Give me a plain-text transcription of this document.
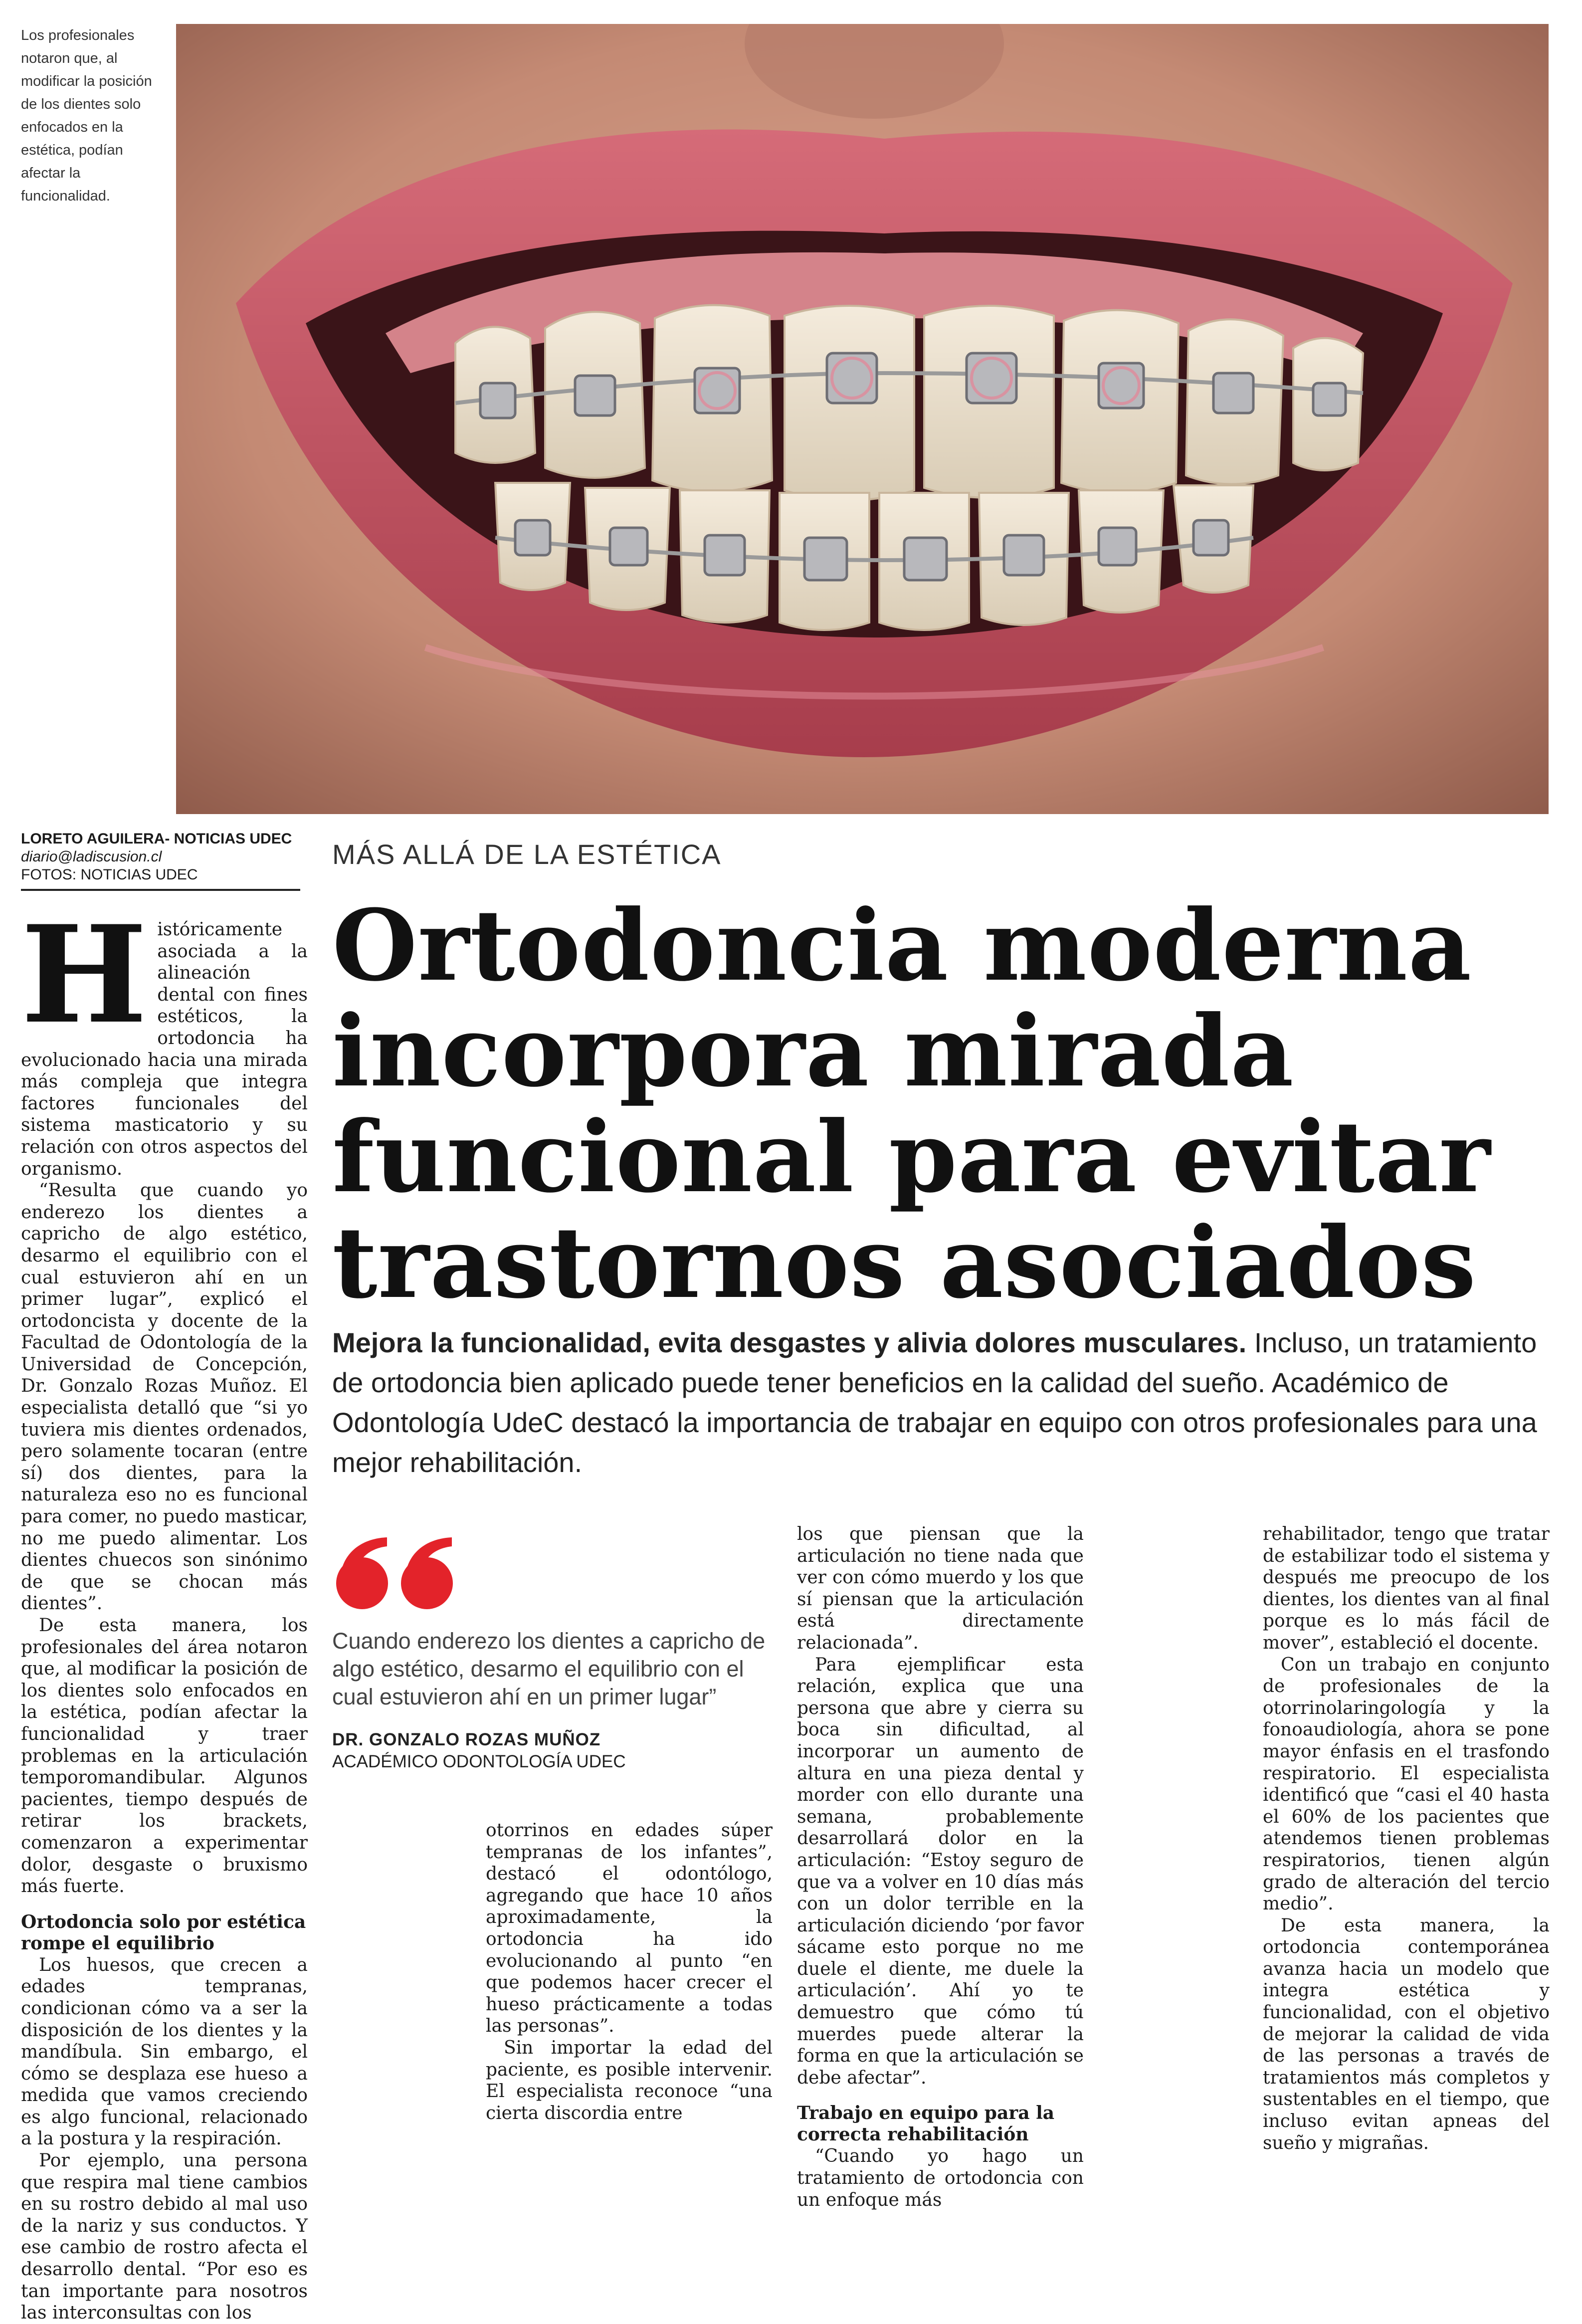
Los profesionales notaron que, al modificar la posición de los dientes solo enfocados en la estética, podían afectar la funcionalidad.
LORETO AGUILERA- NOTICIAS UDEC
diario@ladiscusion.cl
FOTOS: NOTICIAS UDEC
MÁS ALLÁ DE LA ESTÉTICA
Ortodoncia moderna incorpora mirada funcional para evitar trastornos asociados

Mejora la funcionalidad, evita desgastes y alivia dolores musculares. Incluso, un tratamiento de ortodoncia bien aplicado puede tener beneficios en la calidad del sueño. Académico de Odontología UdeC destacó la importancia de trabajar en equipo con otros profesionales para una mejor rehabilitación.

Históricamente asociada a la alineación dental con fines estéticos, la ortodoncia ha evolucionado hacia una mirada más compleja que integra factores funcionales del sistema masticatorio y su relación con otros aspectos del organismo.

“Resulta que cuando yo enderezo los dientes a capricho de algo estético, desarmo el equilibrio con el cual estuvieron ahí en un primer lugar”, explicó el ortodoncista y docente de la Facultad de Odontología de la Universidad de Concepción, Dr. Gonzalo Rozas Muñoz. El especialista detalló que “si yo tuviera mis dientes ordenados, pero solamente tocaran (entre sí) dos dientes, para la naturaleza eso no es funcional para comer, no puedo masticar, no me puedo alimentar. Los dientes chuecos son sinónimo de que se chocan más dientes”.

De esta manera, los profesionales del área notaron que, al modificar la posición de los dientes solo enfocados en la estética, podían afectar la funcionalidad y traer problemas en la articulación temporomandibular. Algunos pacientes, tiempo después de retirar los brackets, comenzaron a experimentar dolor, desgaste o bruxismo más fuerte.

Ortodoncia solo por estética rompe el equilibrio

Los huesos, que crecen a edades tempranas, condicionan cómo va a ser la disposición de los dientes y la mandíbula. Sin embargo, el cómo se desplaza ese hueso a medida que vamos creciendo es algo funcional, relacionado a la postura y la respiración.

Por ejemplo, una persona que respira mal tiene cambios en su rostro debido al mal uso de la nariz y sus conductos. Y ese cambio de rostro afecta el desarrollo dental. “Por eso es tan importante para nosotros las interconsultas con los

Cuando enderezo los dientes a capricho de algo estético, desarmo el equilibrio con el cual estuvieron ahí en un primer lugar”
DR. GONZALO ROZAS MUÑOZ
ACADÉMICO ODONTOLOGÍA UDEC

otorrinos en edades súper tempranas de los infantes”, destacó el odontólogo, agregando que hace 10 años aproximadamente, la ortodoncia ha ido evolucionando al punto “en que podemos hacer crecer el hueso prácticamente a todas las personas”.

Sin importar la edad del paciente, es posible intervenir. El especialista reconoce “una cierta discordia entre

los que piensan que la articulación no tiene nada que ver con cómo muerdo y los que sí piensan que la articulación está directamente relacionada”.

Para ejemplificar esta relación, explica que una persona que abre y cierra su boca sin dificultad, al incorporar un aumento de altura en una pieza dental y morder con ello durante una semana, probablemente desarrollará dolor en la articulación: “Estoy seguro de que va a volver en 10 días más con un dolor terrible en la articulación diciendo ‘por favor sácame esto porque no me duele el diente, me duele la articulación’. Ahí yo te demuestro que cómo tú muerdes puede alterar la forma en que la articulación se debe afectar”.

Trabajo en equipo para la correcta rehabilitación

“Cuando yo hago un tratamiento de ortodoncia con un enfoque más

rehabilitador, tengo que tratar de estabilizar todo el sistema y después me preocupo de los dientes, los dientes van al final porque es lo más fácil de mover”, estableció el docente.

Con un trabajo en conjunto de profesionales de la otorrinolaringología y la fonoaudiología, ahora se pone mayor énfasis en el trasfondo respiratorio. El especialista identificó que “casi el 40 hasta el 60% de los pacientes que atendemos tienen problemas respiratorios, tienen algún grado de alteración del tercio medio”.

De esta manera, la ortodoncia contemporánea avanza hacia un modelo que integra estética y funcionalidad, con el objetivo de mejorar la calidad de vida de las personas a través de tratamientos más completos y sustentables en el tiempo, que incluso evitan apneas del sueño y migrañas.
